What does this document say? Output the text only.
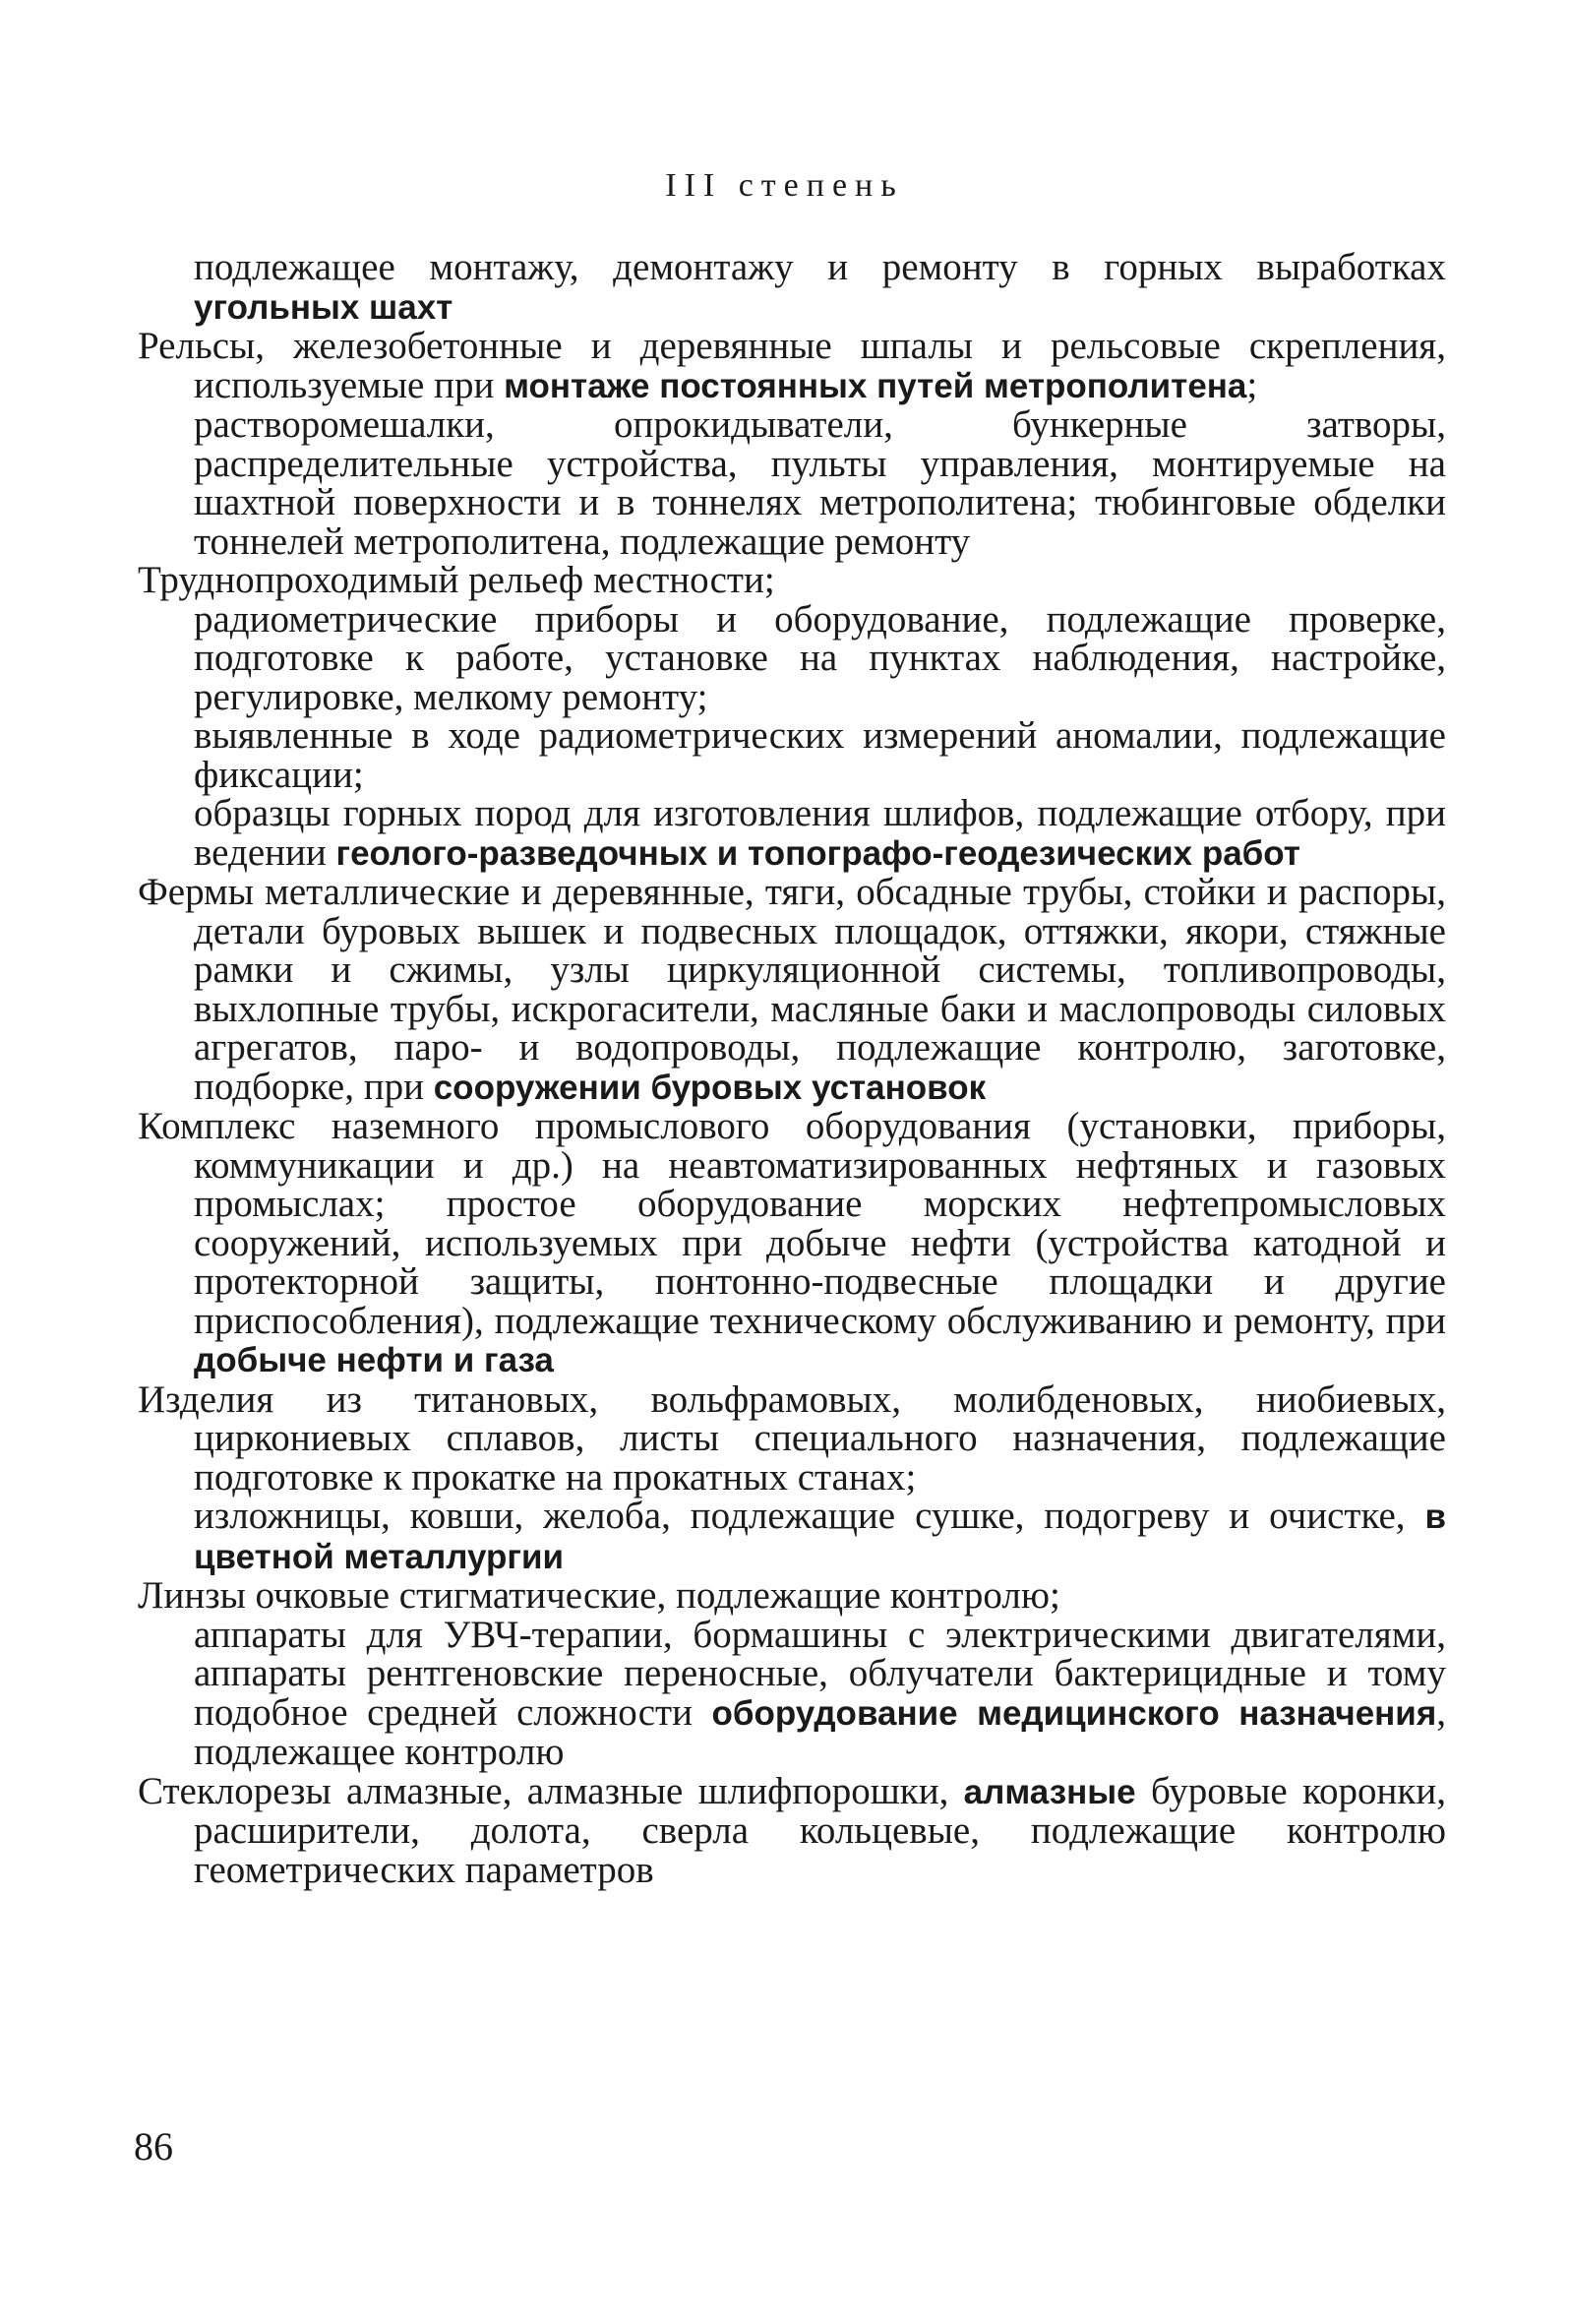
III степень

подлежащее монтажу, демонтажу и ремонту в горных выработках угольных шахт

Рельсы, железобетонные и деревянные шпалы и рельсовые скрепления, используемые при монтаже постоянных путей метрополитена;

растворомешалки, опрокидыватели, бункерные затворы, распределительные устройства, пульты управления, монтируемые на шахтной поверхности и в тоннелях метрополитена; тюбинговые обделки тоннелей метрополитена, подлежащие ремонту

Труднопроходимый рельеф местности;

радиометрические приборы и оборудование, подлежащие проверке, подготовке к работе, установке на пунктах наблюдения, настройке, регулировке, мелкому ремонту;

выявленные в ходе радиометрических измерений аномалии, подлежащие фиксации;

образцы горных пород для изготовления шлифов, подлежащие отбору, при ведении геолого-разведочных и топографо-геодезических работ

Фермы металлические и деревянные, тяги, обсадные трубы, стойки и распоры, детали буровых вышек и подвесных площадок, оттяжки, якори, стяжные рамки и сжимы, узлы циркуляционной системы, топливопроводы, выхлопные трубы, искрогасители, масляные баки и маслопроводы силовых агрегатов, паро- и водопроводы, подлежащие контролю, заготовке, подборке, при сооружении буровых установок

Комплекс наземного промыслового оборудования (установки, приборы, коммуникации и др.) на неавтоматизированных нефтяных и газовых промыслах; простое оборудование морских нефтепромысловых сооружений, используемых при добыче нефти (устройства катодной и протекторной защиты, понтонно-подвесные площадки и другие приспособления), подлежащие техническому обслуживанию и ремонту, при добыче нефти и газа

Изделия из титановых, вольфрамовых, молибденовых, ниобиевых, циркониевых сплавов, листы специального назначения, подлежащие подготовке к прокатке на прокатных станах;

изложницы, ковши, желоба, подлежащие сушке, подогреву и очистке, в цветной металлургии

Линзы очковые стигматические, подлежащие контролю;

аппараты для УВЧ-терапии, бормашины с электрическими двигателями, аппараты рентгеновские переносные, облучатели бактерицидные и тому подобное средней сложности оборудование медицинского назначения, подлежащее контролю

Стеклорезы алмазные, алмазные шлифпорошки, алмазные буровые коронки, расширители, долота, сверла кольцевые, подлежащие контролю геометрических параметров

86
